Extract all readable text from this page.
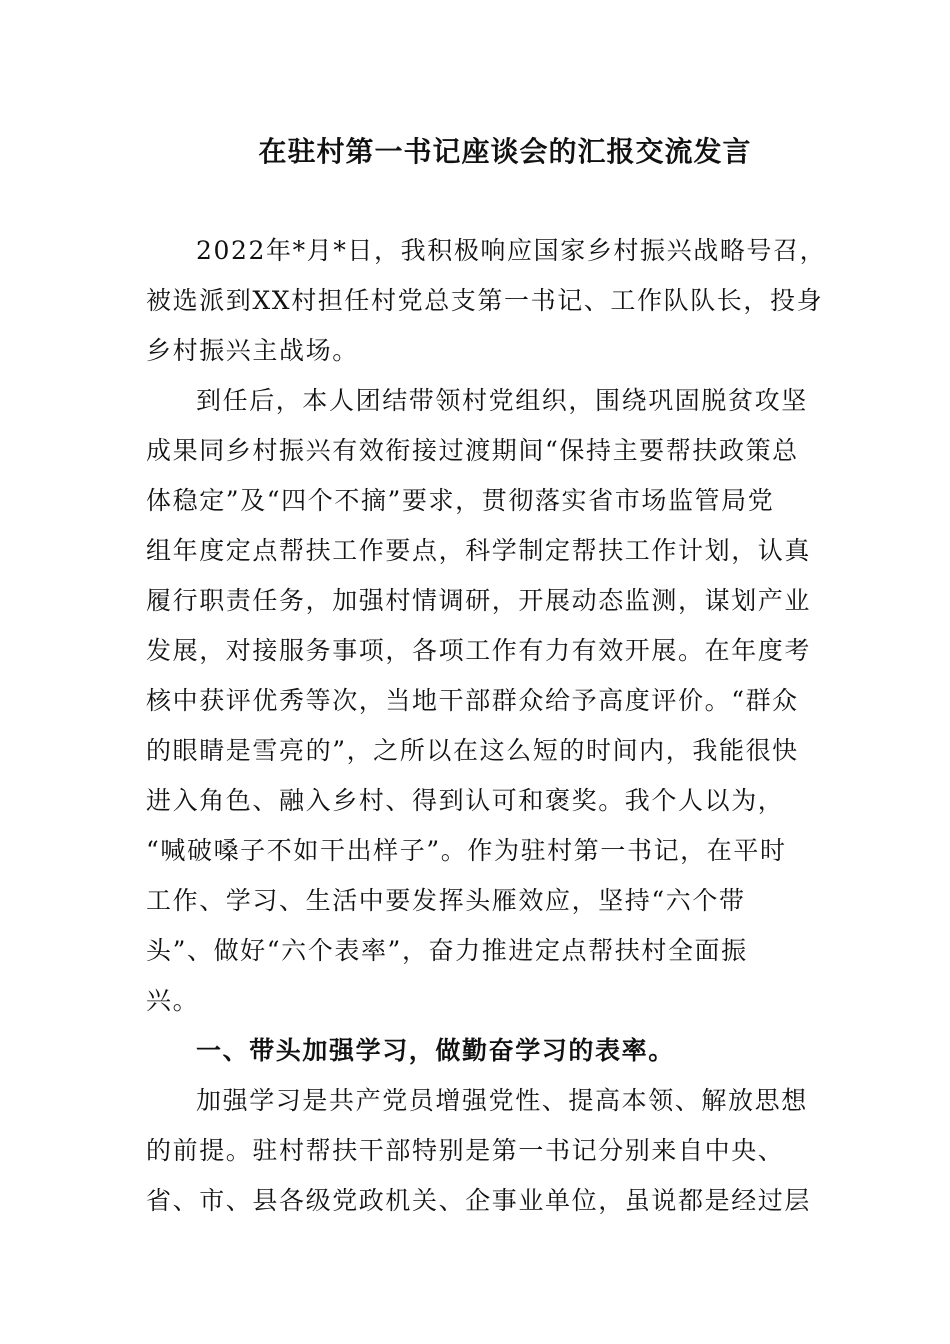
在驻村第一书记座谈会的汇报交流发言

2022年*月*日，我积极响应国家乡村振兴战略号召，

被选派到XX村担任村党总支第一书记、工作队队长，投身

乡村振兴主战场。

到任后，本人团结带领村党组织，围绕巩固脱贫攻坚

成果同乡村振兴有效衔接过渡期间“保持主要帮扶政策总

体稳定”及“四个不摘”要求，贯彻落实省市场监管局党

组年度定点帮扶工作要点，科学制定帮扶工作计划，认真

履行职责任务，加强村情调研，开展动态监测，谋划产业

发展，对接服务事项，各项工作有力有效开展。在年度考

核中获评优秀等次，当地干部群众给予高度评价。“群众

的眼睛是雪亮的”，之所以在这么短的时间内，我能很快

进入角色、融入乡村、得到认可和褒奖。我个人以为，

“喊破嗓子不如干出样子”。作为驻村第一书记，在平时

工作、学习、生活中要发挥头雁效应，坚持“六个带

头”、做好“六个表率”，奋力推进定点帮扶村全面振

兴。

一、带头加强学习，做勤奋学习的表率。

加强学习是共产党员增强党性、提高本领、解放思想

的前提。驻村帮扶干部特别是第一书记分别来自中央、

省、市、县各级党政机关、企事业单位，虽说都是经过层
